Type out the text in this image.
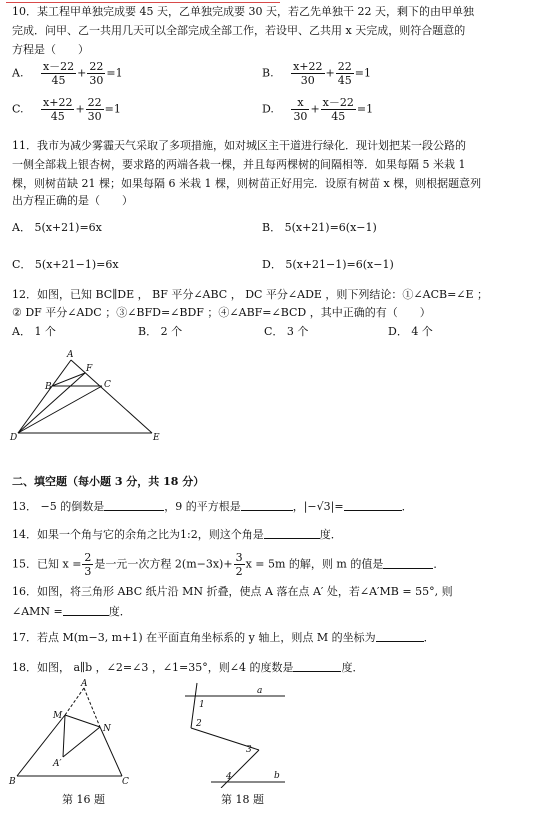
10．某工程甲单独完成要 45 天，乙单独完成要 30 天，若乙先单独干 22 天，剩下的由甲单独
完成．问甲、乙一共用几天可以全部完成全部工作，若设甲、乙共用 x 天完成，则符合题意的
方程是（　　）
A. $\frac{x-22}{45} + \frac{22}{30} =1$	B. $\frac{x+22}{30} + \frac{22}{45} =1$
C. $\frac{x+22}{45} + \frac{22}{30} =1$	D. $\frac{x}{30} + \frac{x-22}{45} =1$
11．我市为减少雾霾天气采取了多项措施，如对城区主干道进行绿化．现计划把某一段公路的
一侧全部栽上银杏树，要求路的两端各栽一棵，并且每两棵树的间隔相等．如果每隔 5 米栽 1
棵，则树苗缺 21 棵；如果每隔 6 米栽 1 棵，则树苗正好用完．设原有树苗 x 棵，则根据题意列
出方程正确的是（　　）
A． 5(x+21)=6x	B． 5(x+21)=6(x−1)
C． 5(x+21−1)=6x	D． 5(x+21−1)=6(x−1)
12．如图，已知 BC∥DE ， BF 平分∠ABC ， DC 平分∠ADE ，则下列结论：①∠ACB=∠E ；
② DF 平分∠ADC ；③∠BFD=∠BDF ；④∠ABF=∠BCD ，其中正确的有（　　）
A． 1 个	B． 2 个	C． 3 个	D． 4 个
A
B	C
F
D	E
二、填空题（每小题 3 分，共 18 分）
13． −5 的倒数是	，9 的平方根是	，|−√3|=	．
14．如果一个角与它的余角之比为1:2，则这个角是	度．
15．已知 $x = \frac{2}{3}$ 是一元一次方程 $2(m-3x)+ \frac{3}{2}$ x = 5m 的解，则 m 的值是	．
16．如图，将三角形 ABC 纸片沿 MN 折叠，使点 A 落在点 A′ 处，若∠A′MB = 55°, 则
∠AMN =	度．
17．若点 M(m−3, m+1) 在平面直角坐标系的 y 轴上，则点 M 的坐标为	．
18．如图， a∥b ，∠2=∠3 ，∠1=35°，则∠4 的度数是	度．
A
M
N
A′
B	C
第 16 题
a
b
1
2
3
4
第 18 题
